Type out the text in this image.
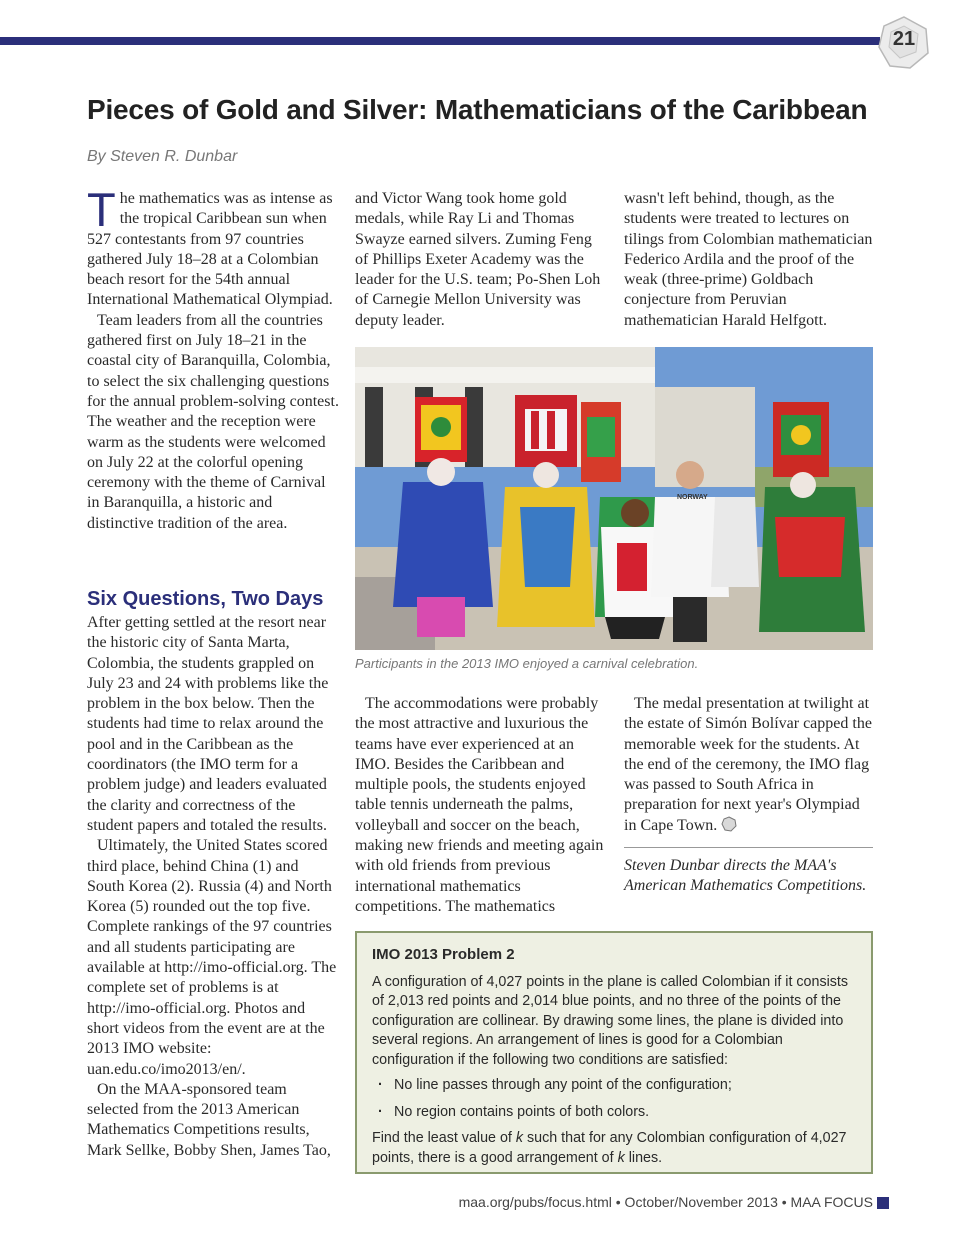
21
Pieces of Gold and Silver: Mathematicians of the Caribbean
By Steven R. Dunbar

The mathematics was as intense as the tropical Caribbean sun when 527 contestants from 97 countries gathered July 18–28 at a Colombian beach resort for the 54th annual International Mathematical Olympiad.

Team leaders from all the countries gathered first on July 18–21 in the coastal city of Baranquilla, Colombia, to select the six challenging questions for the annual problem-solving contest. The weather and the reception were warm as the students were welcomed on July 22 at the colorful opening ceremony with the theme of Carnival in Baranquilla, a historic and distinctive tradition of the area.

Six Questions, Two Days

After getting settled at the resort near the historic city of Santa Marta, Colombia, the students grappled on July 23 and 24 with problems like the problem in the box below. Then the students had time to relax around the pool and in the Caribbean as the coordinators (the IMO term for a problem judge) and leaders evaluated the clarity and correctness of the student papers and totaled the results.

Ultimately, the United States scored third place, behind China (1) and South Korea (2). Russia (4) and North Korea (5) rounded out the top five. Complete rankings of the 97 countries and all students participating are available at http://imo-official.org. The complete set of problems is at http://imo-official.org. Photos and short videos from the event are at the 2013 IMO website: uan.edu.co/imo2013/en/.

On the MAA-sponsored team selected from the 2013 American Mathematics Competitions results, Mark Sellke, Bobby Shen, James Tao,

and Victor Wang took home gold medals, while Ray Li and Thomas Swayze earned silvers. Zuming Feng of Phillips Exeter Academy was the leader for the U.S. team; Po-Shen Loh of Carnegie Mellon University was deputy leader.

wasn't left behind, though, as the students were treated to lectures on tilings from Colombian mathematician Federico Ardila and the proof of the weak (three-prime) Goldbach conjecture from Peruvian mathematician Harald Helfgott.

NORWAY
Participants in the 2013 IMO enjoyed a carnival celebration.

The accommodations were probably the most attractive and luxurious the teams have ever experienced at an IMO. Besides the Caribbean and multiple pools, the students enjoyed table tennis underneath the palms, volleyball and soccer on the beach, making new friends and meeting again with old friends from previous international mathematics competitions. The mathematics

The medal presentation at twilight at the estate of Simón Bolívar capped the memorable week for the students. At the end of the ceremony, the IMO flag was passed to South Africa in preparation for next year's Olympiad in Cape Town.

Steven Dunbar directs the MAA's American Mathematics Competitions.
IMO 2013 Problem 2

A configuration of 4,027 points in the plane is called Colombian if it consists of 2,013 red points and 2,014 blue points, and no three of the points of the configuration are collinear. By drawing some lines, the plane is divided into several regions. An arrangement of lines is good for a Colombian configuration if the following two conditions are satisfied:

· No line passes through any point of the configuration;
· No region contains points of both colors.

Find the least value of k such that for any Colombian configuration of 4,027 points, there is a good arrangement of k lines.

maa.org/pubs/focus.html • October/November 2013 • MAA FOCUS
